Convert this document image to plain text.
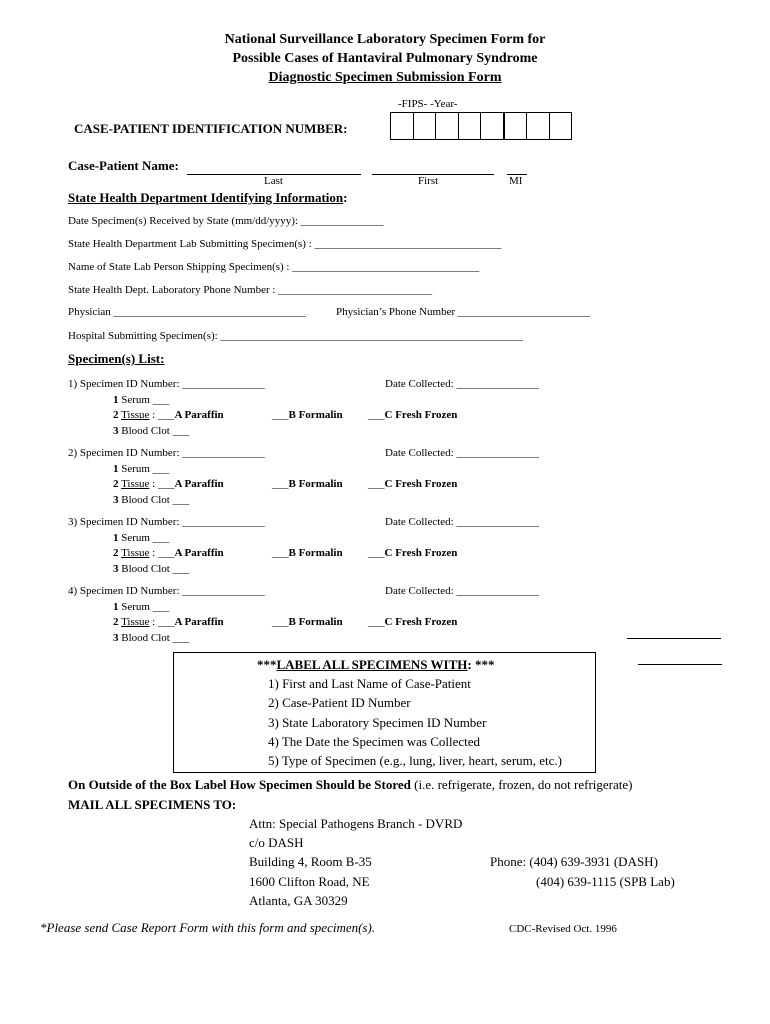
National Surveillance Laboratory Specimen Form for
Possible Cases of Hantaviral Pulmonary Syndrome
Diagnostic Specimen Submission Form
-FIPS- -Year-
CASE-PATIENT IDENTIFICATION NUMBER:
Case-Patient Name:
Last	First	MI
State Health Department Identifying Information:
Date Specimen(s) Received by State (mm/dd/yyyy): _______________
State Health Department Lab Submitting Specimen(s) : __________________________________
Name of State Lab Person Shipping Specimen(s) : __________________________________
State Health Dept. Laboratory Phone Number : ____________________________
Physician ___________________________________	Physician’s Phone Number ________________________
Hospital Submitting Specimen(s): _______________________________________________________
Specimen(s) List:
1) Specimen ID Number: _______________	Date Collected: _______________
1 Serum ___
2 Tissue : ___A Paraffin	___B Formalin ___C Fresh Frozen
3 Blood Clot ___
2) Specimen ID Number: _______________	Date Collected: _______________
1 Serum ___
2 Tissue : ___A Paraffin	___B Formalin ___C Fresh Frozen
3 Blood Clot ___
3) Specimen ID Number: _______________	Date Collected: _______________
1 Serum ___
2 Tissue : ___A Paraffin	___B Formalin ___C Fresh Frozen
3 Blood Clot ___
4) Specimen ID Number: _______________	Date Collected: _______________
1 Serum ___
2 Tissue : ___A Paraffin	___B Formalin ___C Fresh Frozen
3 Blood Clot ___
***LABEL ALL SPECIMENS WITH: ***
1) First and Last Name of Case-Patient
2) Case-Patient ID Number
3) State Laboratory Specimen ID Number
4) The Date the Specimen was Collected
5) Type of Specimen (e.g., lung, liver, heart, serum, etc.)
On Outside of the Box Label How Specimen Should be Stored (i.e. refrigerate, frozen, do not refrigerate)
MAIL ALL SPECIMENS TO:
Attn: Special Pathogens Branch - DVRD
c/o DASH
Building 4, Room B-35
1600 Clifton Road, NE
Atlanta, GA 30329
Phone: (404) 639-3931 (DASH)
(404) 639-1115 (SPB Lab)
*Please send Case Report Form with this form and specimen(s).	CDC-Revised Oct. 1996
